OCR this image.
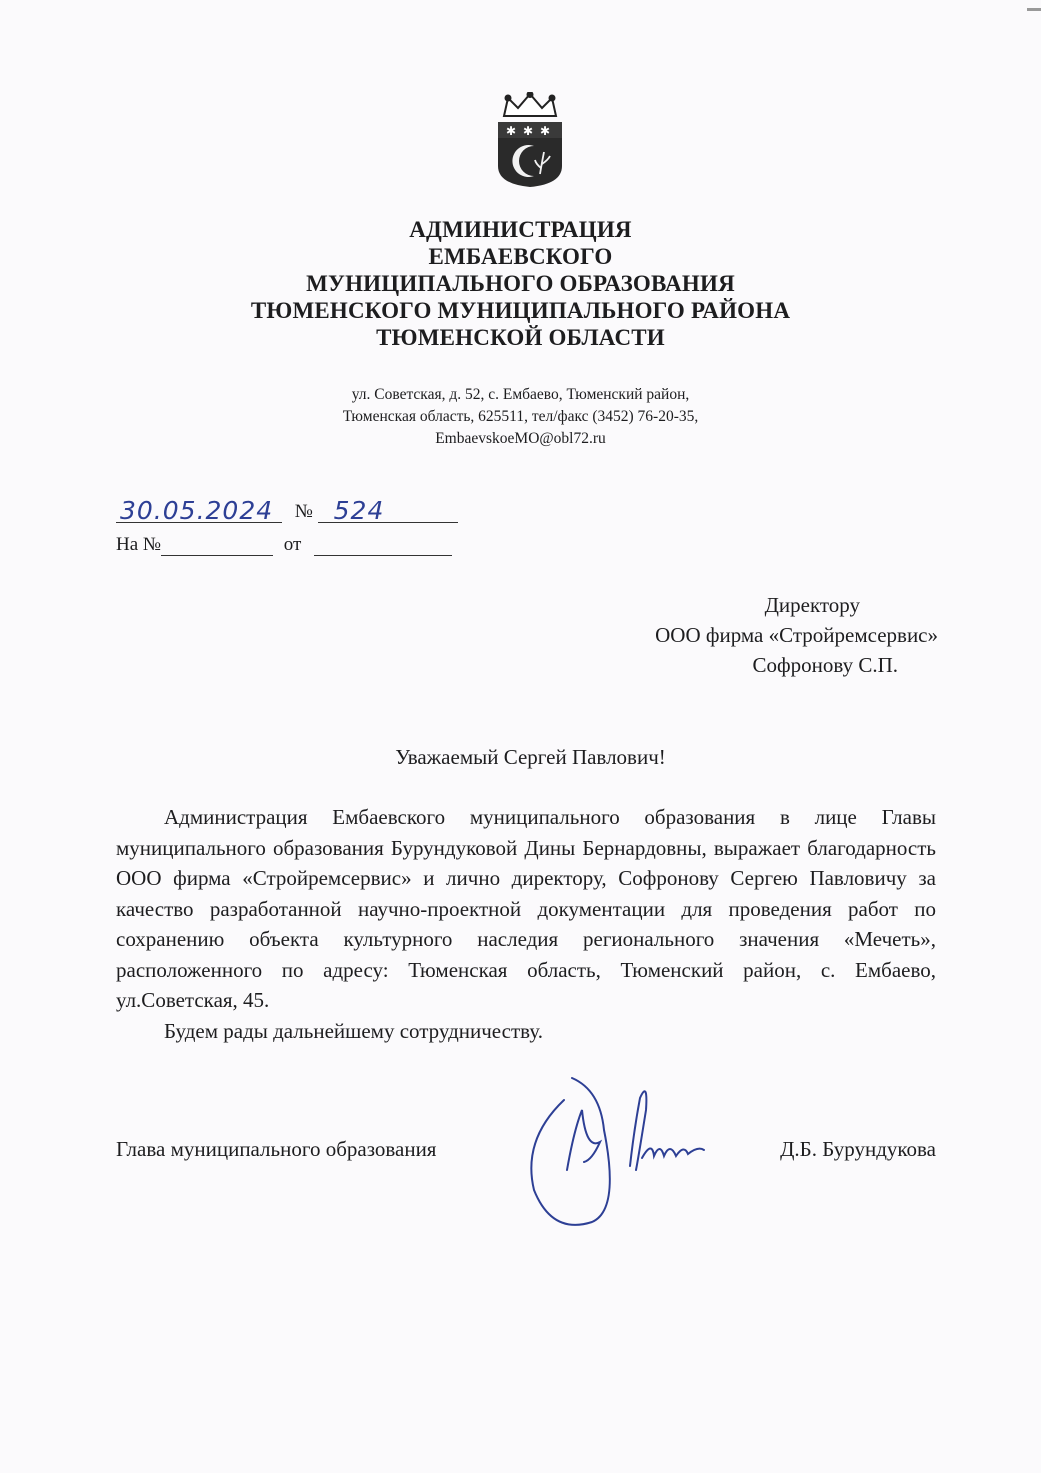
✱ ✱ ✱
АДМИНИСТРАЦИЯ
ЕМБАЕВСКОГО
МУНИЦИПАЛЬНОГО ОБРАЗОВАНИЯ
ТЮМЕНСКОГО МУНИЦИПАЛЬНОГО РАЙОНА
ТЮМЕНСКОЙ ОБЛАСТИ
ул. Советская, д. 52, с. Ембаево, Тюменский район,
Тюменская область, 625511, тел/факс (3452) 76-20-35,
EmbaevskoeMO@obl72.ru
30.05.2024 № 524
На №	от
Директору
ООО фирма «Стройремсервис»
Софронову С.П.
Уважаемый Сергей Павлович!

Администрация Ембаевского муниципального образования в лице Главы муниципального образования Бурундуковой Дины Бернардовны, выражает благодарность ООО фирма «Стройремсервис» и лично директору, Софронову Сергею Павловичу за качество разработанной научно-проектной документации для проведения работ по сохранению объекта культурного наследия регионального значения «Мечеть», расположенного по адресу: Тюменская область, Тюменский район, с. Ембаево, ул.Советская, 45.

Будем рады дальнейшему сотрудничеству.

Глава муниципального образования	Д.Б. Бурундукова
